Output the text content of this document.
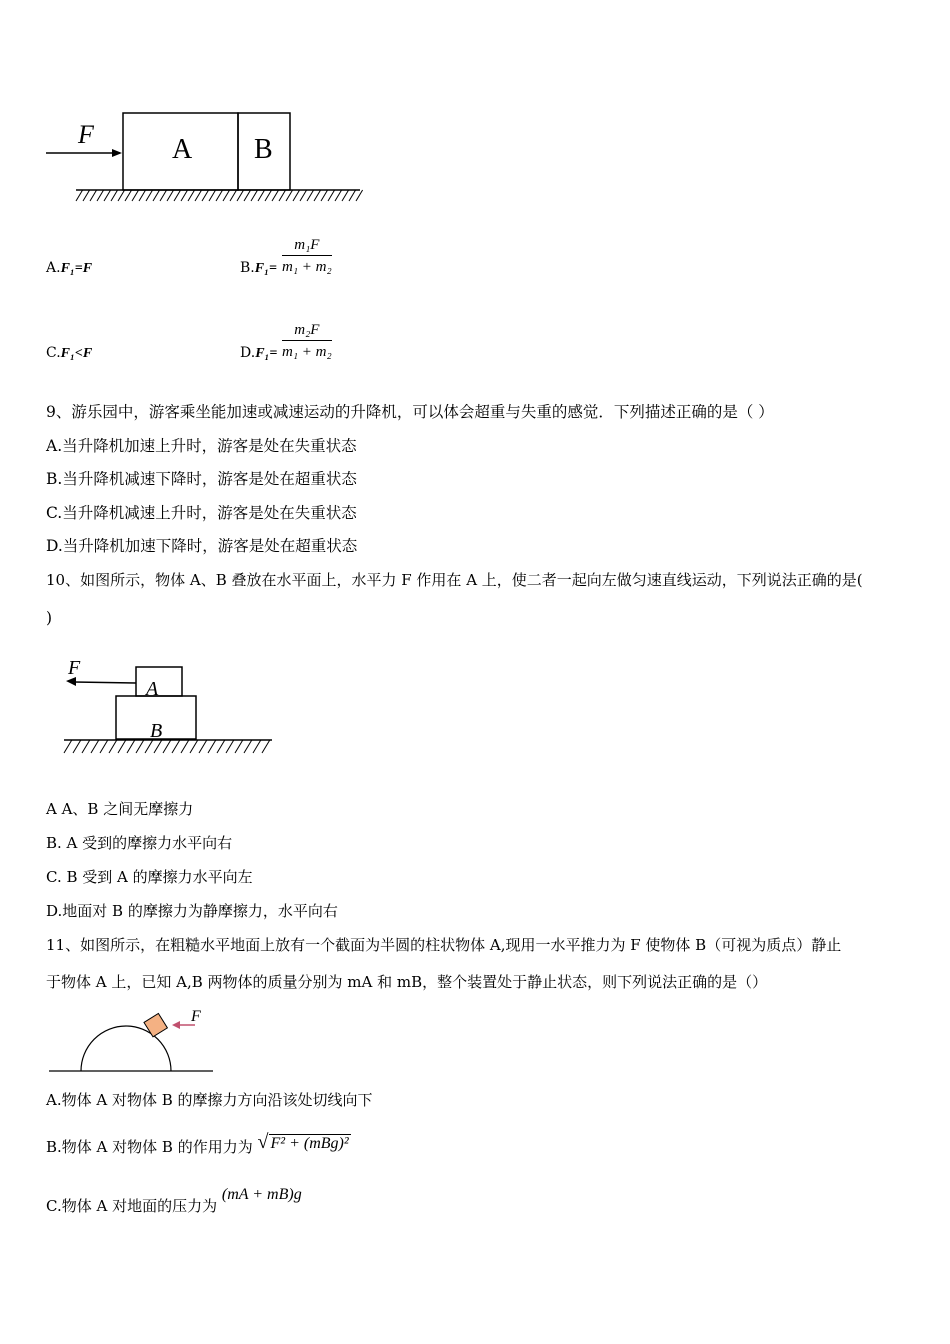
F	A B
A.F₁=F	$B.F_1= \frac{\text{m₁F}}{\text{m₁ + m₂}}$
C.F₁<F	$D.F_1= \frac{\text{m₂F}}{\text{m₁ + m₂}}$
9、游乐园中，游客乘坐能加速或减速运动的升降机，可以体会超重与失重的感觉．下列描述正确的是（ ）
A.当升降机加速上升时，游客是处在失重状态
B.当升降机减速下降时，游客是处在超重状态
C.当升降机减速上升时，游客是处在失重状态
D.当升降机加速下降时，游客是处在超重状态
10、如图所示，物体 A、B 叠放在水平面上，水平力 F 作用在 A 上，使二者一起向左做匀速直线运动，下列说法正确的是(
)
F
A
B
A A、B 之间无摩擦力
B. A 受到的摩擦力水平向右
C. B 受到 A 的摩擦力水平向左
D.地面对 B 的摩擦力为静摩擦力，水平向右
11、如图所示，在粗糙水平地面上放有一个截面为半圆的柱状物体 A,现用一水平推力为 F 使物体 B（可视为质点）静止
于物体 A 上，已知 A,B 两物体的质量分别为 mA 和 mB，整个装置处于静止状态，则下列说法正确的是（）
F
A.物体 A 对物体 B 的摩擦力方向沿该处切线向下
B.物体 A 对物体 B 的作用力为 √ F² + (mBg)²
C.物体 A 对地面的压力为 (mA + mB)g
